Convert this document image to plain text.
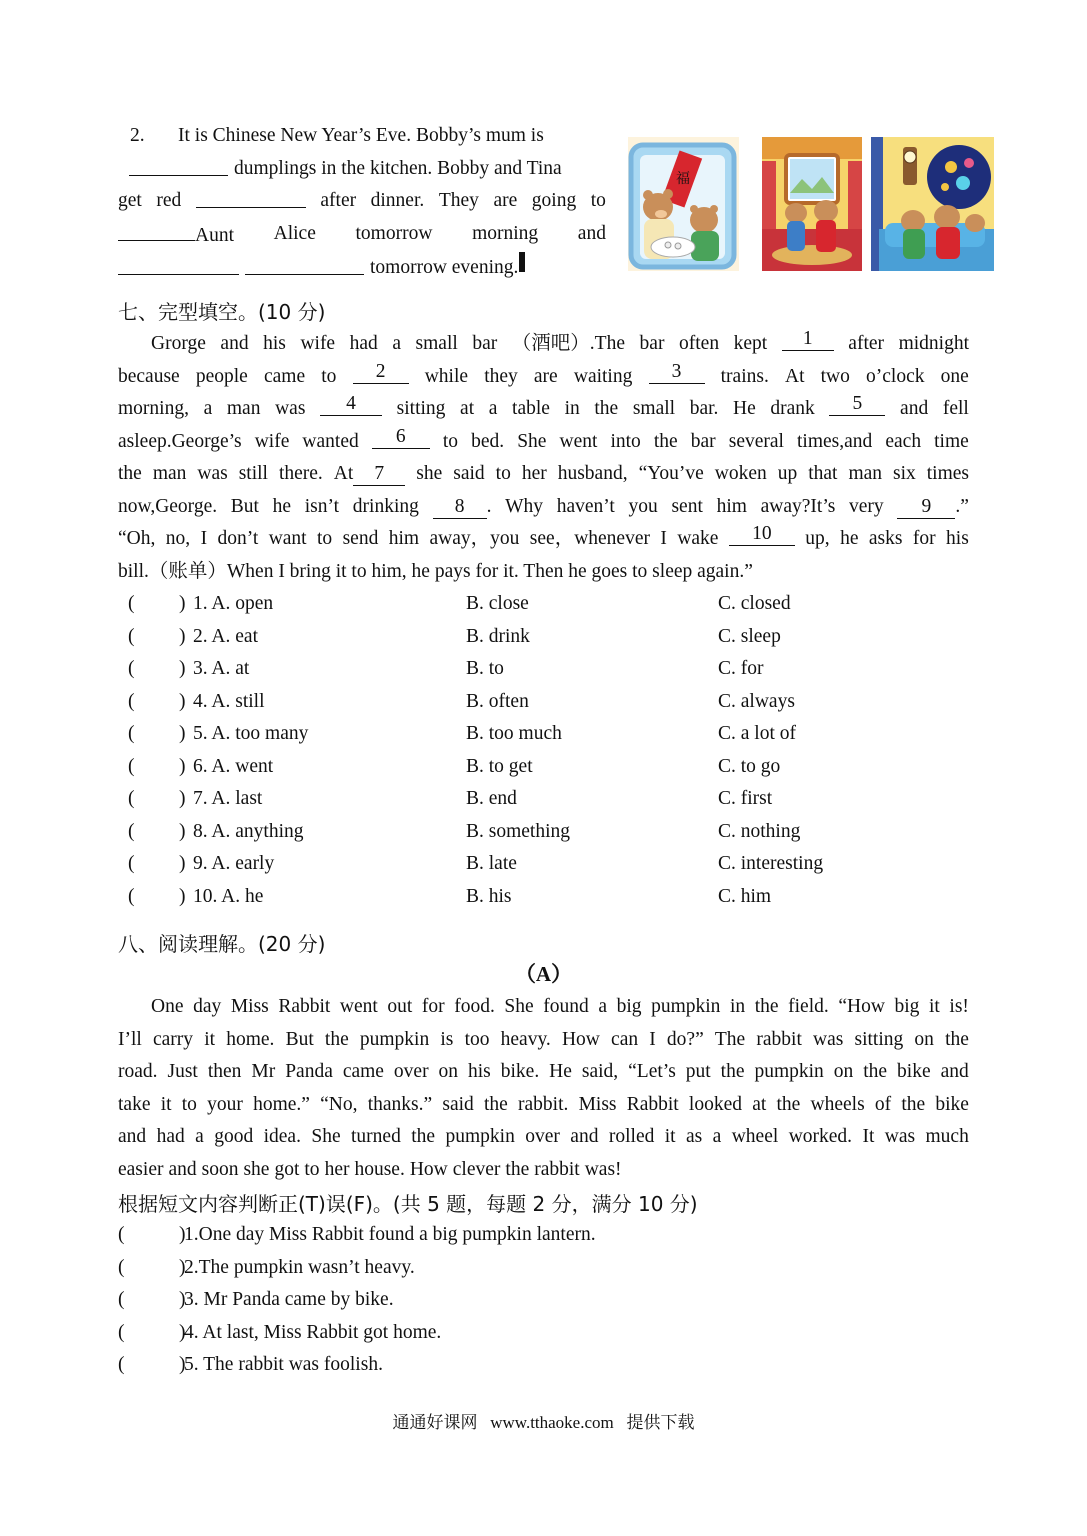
2.	It is Chinese New Year’s Eve. Bobby’s mum is
dumplings in the kitchen. Bobby and Tina
get red	after dinner. They are going to
Aunt Alice tomorrow morning and
tomorrow evening.
福
七、完型填空。(10 分)
Grorge and his wife had a small bar （酒吧）.The bar often kept	1	after midnight
because people came to	2	while they are waiting	3	trains. At two o’clock one
morning, a man was	4	sitting at a table in the small bar. He drank	5	and fell
asleep.George’s wife wanted	6	to bed. She went into the bar several times,and each time
the man was still there. At	7	she said to her husband, “You’ve woken up that man six times
now,George. But he isn’t drinking	8	. Why haven’t you sent him away?It’s very	9	.”
“Oh, no, I don’t want to send him away，you see，whenever I wake	10	up, he asks for his
bill.（账单）When I bring it to him, he pays for it. Then he goes to sleep again.”
( ) 1. A. open	B. close	C. closed
( ) 2. A. eat	B. drink	C. sleep
( ) 3. A. at	B. to	C. for
( ) 4. A. still	B. often	C. always
( ) 5. A. too many	B. too much	C. a lot of
( ) 6. A. went	B. to get	C. to go
( ) 7. A. last	B. end	C. first
( ) 8. A. anything	B. something	C. nothing
( ) 9. A. early	B. late	C. interesting
( ) 10. A. he	B. his	C. him
八、阅读理解。(20 分)
（A）
One day Miss Rabbit went out for food. She found a big pumpkin in the field. “How big it is!
I’ll carry it home. But the pumpkin is too heavy. How can I do?” The rabbit was sitting on the
road. Just then Mr Panda came over on his bike. He said, “Let’s put the pumpkin on the bike and
take it to your home.” “No, thanks.” said the rabbit. Miss Rabbit looked at the wheels of the bike
and had a good idea. She turned the pumpkin over and rolled it as a wheel worked. It was much
easier and soon she got to her house. How clever the rabbit was!
根据短文内容判断正(T)误(F)。(共 5 题，每题 2 分，满分 10 分)
(	)
1.One day Miss Rabbit found a big pumpkin lantern.
(	)
2.The pumpkin wasn’t heavy.
(	)
3. Mr Panda came by bike.
(	)
4. At last, Miss Rabbit got home.
(	)
5. The rabbit was foolish.
通通好课网 www.tthaoke.com 提供下载
